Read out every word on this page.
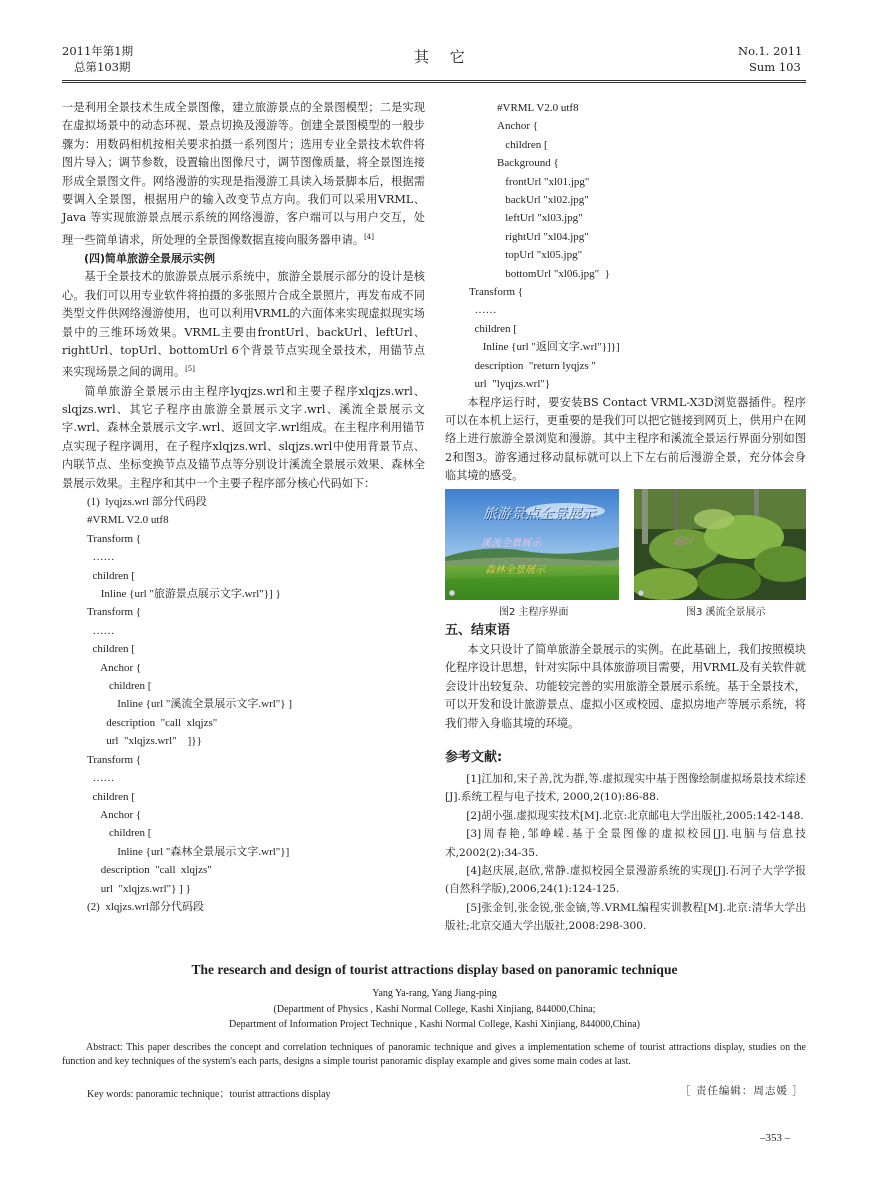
2011年第1期
总第103期
其 它	No.1. 2011
Sum 103

一是利用全景技术生成全景图像，建立旅游景点的全景图模型；二是实现在虚拟场景中的动态环视、景点切换及漫游等。创建全景图模型的一般步骤为：用数码相机按相关要求拍摄一系列图片；选用专业全景技术软件将图片导入；调节参数，设置输出图像尺寸，调节图像质量，将全景图连接形成全景图文件。网络漫游的实现是指漫游工具读入场景脚本后，根据需要调入全景图，根据用户的输入改变节点方向。我们可以采用VRML、Java 等实现旅游景点展示系统的网络漫游，客户端可以与用户交互，处理一些简单请求，所处理的全景图像数据直接向服务器申请。[4]

(四)简单旅游全景展示实例

基于全景技术的旅游景点展示系统中，旅游全景展示部分的设计是核心。我们可以用专业软件将拍摄的多张照片合成全景照片，再发布成不同类型文件供网络漫游使用，也可以利用VRML的六面体来实现虚拟现实场景中的三维环场效果。VRML主要由frontUrl、backUrl、leftUrl、rightUrl、topUrl、bottomUrl 6个背景节点实现全景技术，用锚节点来实现场景之间的调用。[5]

简单旅游全景展示由主程序lyqjzs.wrl和主要子程序xlqjzs.wrl、slqjzs.wrl、其它子程序由旅游全景展示文字.wrl、溪流全景展示文字.wrl、森林全景展示文字.wrl、返回文字.wrl组成。在主程序利用锚节点实现子程序调用，在子程序xlqjzs.wrl、slqjzs.wrl中使用背景节点、内联节点、坐标变换节点及锚节点等分别设计溪流全景展示效果、森林全景展示效果。主程序和其中一个主要子程序部分核心代码如下：

(1)  lyqjzs.wrl 部分代码段
#VRML V2.0 utf8
Transform {
……
children [
Inline {url "旅游景点展示文字.wrl"}] }
Transform {
……
children [
Anchor {
children [
Inline {url "溪流全景展示文字.wrl"} ]
description  "call  xlqjzs"
url  "xlqjzs.wrl"    ]}}
Transform {
……
children [
Anchor {
children [
Inline {url "森林全景展示文字.wrl"}]
description  "call  xlqjzs"
url  "xlqjzs.wrl"} ] }
(2)  xlqjzs.wrl部分代码段
#VRML V2.0 utf8
Anchor {
children [
Background {
frontUrl "xl01.jpg"
backUrl "xl02.jpg"
leftUrl "xl03.jpg"
rightUrl "xl04.jpg"
topUrl "xl05.jpg"
bottomUrl "xl06.jpg"  }
Transform {
……
children [
Inline {url "返回文字.wrl"}]}]
description  "return lyqjzs "
url  "lyqjzs.wrl"}

本程序运行时，要安装BS Contact VRML-X3D浏览器插件。程序可以在本机上运行，更重要的是我们可以把它链接到网页上，供用户在网络上进行旅游全景浏览和漫游。其中主程序和溪流全景运行界面分别如图2和图3。游客通过移动鼠标就可以上下左右前后漫游全景，充分体会身临其境的感受。

旅游景点全景展示
溪流全景展示
森林全景展示
返回
图2 主程序界面	图3 溪流全景展示

五、结束语

本文只设计了简单旅游全景展示的实例。在此基础上，我们按照模块化程序设计思想，针对实际中具体旅游项目需要，用VRML及有关软件就会设计出较复杂、功能较完善的实用旅游全景展示系统。基于全景技术，可以开发和设计旅游景点、虚拟小区或校园、虚拟房地产等展示系统，将我们带入身临其境的环境。

参考文献:

[1]江加和,宋子善,沈为群,等.虚拟现实中基于图像绘制虚拟场景技术综述[J].系统工程与电子技术, 2000,2(10):86-88.

[2]胡小强.虚拟现实技术[M].北京:北京邮电大学出版社,2005:142-148.

[3]周春艳,邹峥嵘.基于全景图像的虚拟校园[J].电脑与信息技术,2002(2):34-35.

[4]赵庆展,赵欣,常静.虚拟校园全景漫游系统的实现[J].石河子大学学报(自然科学版),2006,24(1):124-125.

[5]张金钊,张金锐,张金镝,等.VRML编程实训教程[M].北京:清华大学出版社;北京交通大学出版社,2008:298-300.

The research and design of tourist attractions display based on panoramic technique
Yang Ya-rang, Yang Jiang-ping
(Department of Physics , Kashi Normal College, Kashi Xinjiang, 844000,China;
Department of Information Project Technique , Kashi Normal College, Kashi Xinjiang, 844000,China)
Abstract: This paper describes the concept and correlation techniques of panoramic technique and gives a implementation scheme of tourist attractions display, studies on the function and key techniques of the system's each parts, designs a simple tourist panoramic display example and gives some main codes at last.
Key words: panoramic technique；tourist attractions display	［ 责任编辑：周志媛 ］
–353 –
